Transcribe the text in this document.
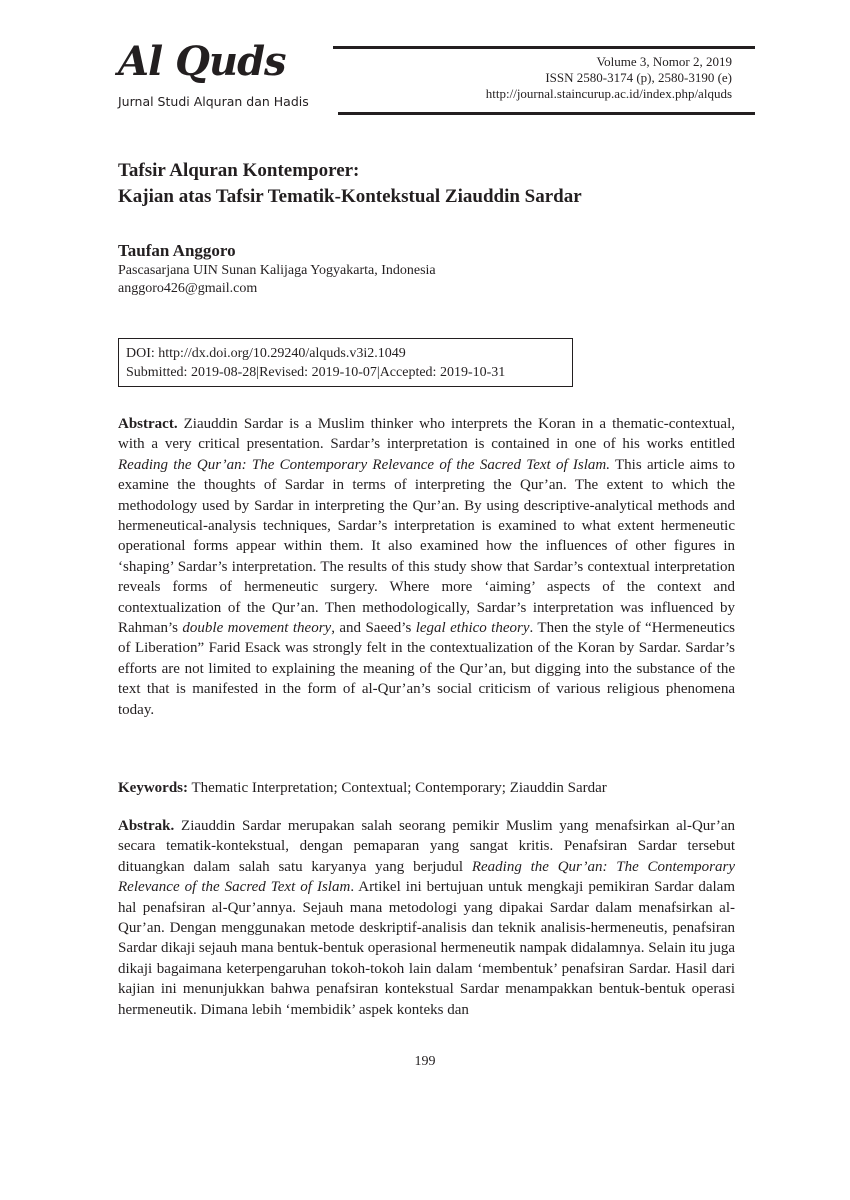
Al Quds
Jurnal Studi Alquran dan Hadis
Volume 3, Nomor 2, 2019
ISSN 2580-3174 (p), 2580-3190 (e)
http://journal.staincurup.ac.id/index.php/alquds
Tafsir Alquran Kontemporer:
Kajian atas Tafsir Tematik-Kontekstual Ziauddin Sardar
Taufan Anggoro
Pascasarjana UIN Sunan Kalijaga Yogyakarta, Indonesia
anggoro426@gmail.com
DOI: http://dx.doi.org/10.29240/alquds.v3i2.1049
Submitted: 2019-08-28|Revised: 2019-10-07|Accepted: 2019-10-31

Abstract. Ziauddin Sardar is a Muslim thinker who interprets the Koran in a thematic-contextual, with a very critical presentation. Sardar’s interpretation is contained in one of his works entitled Reading the Qur’an: The Contemporary Relevance of the Sacred Text of Islam. This article aims to examine the thoughts of Sardar in terms of interpreting the Qur’an. The extent to which the methodology used by Sardar in interpreting the Qur’an. By using descriptive-analytical methods and hermeneutical-analysis techniques, Sardar’s interpretation is examined to what extent hermeneutic operational forms appear within them. It also examined how the influences of other figures in ‘shaping’ Sardar’s interpretation. The results of this study show that Sardar’s contextual interpretation reveals forms of hermeneutic surgery. Where more ‘aiming’ aspects of the context and contextualization of the Qur’an. Then methodologically, Sardar’s interpretation was influenced by Rahman’s double movement theory, and Saeed’s legal ethico theory. Then the style of “Hermeneutics of Liberation” Farid Esack was strongly felt in the contextualization of the Koran by Sardar. Sardar’s efforts are not limited to explaining the meaning of the Qur’an, but digging into the substance of the text that is manifested in the form of al-Qur’an’s social criticism of various religious phenomena today.

Keywords: Thematic Interpretation; Contextual; Contemporary; Ziauddin Sardar

Abstrak. Ziauddin Sardar merupakan salah seorang pemikir Muslim yang menafsirkan al-Qur’an secara tematik-kontekstual, dengan pemaparan yang sangat kritis. Penafsiran Sardar tersebut dituangkan dalam salah satu karyanya yang berjudul Reading the Qur’an: The Contemporary Relevance of the Sacred Text of Islam. Artikel ini bertujuan untuk mengkaji pemikiran Sardar dalam hal penafsiran al-Qur’annya. Sejauh mana metodologi yang dipakai Sardar dalam menafsirkan al-Qur’an. Dengan menggunakan metode deskriptif-analisis dan teknik analisis-hermeneutis, penafsiran Sardar dikaji sejauh mana bentuk-bentuk operasional hermeneutik nampak didalamnya. Selain itu juga dikaji bagaimana keterpengaruhan tokoh-tokoh lain dalam ‘membentuk’ penafsiran Sardar. Hasil dari kajian ini menunjukkan bahwa penafsiran kontekstual Sardar menampakkan bentuk-bentuk operasi hermeneutik. Dimana lebih ‘membidik’ aspek konteks dan

199
